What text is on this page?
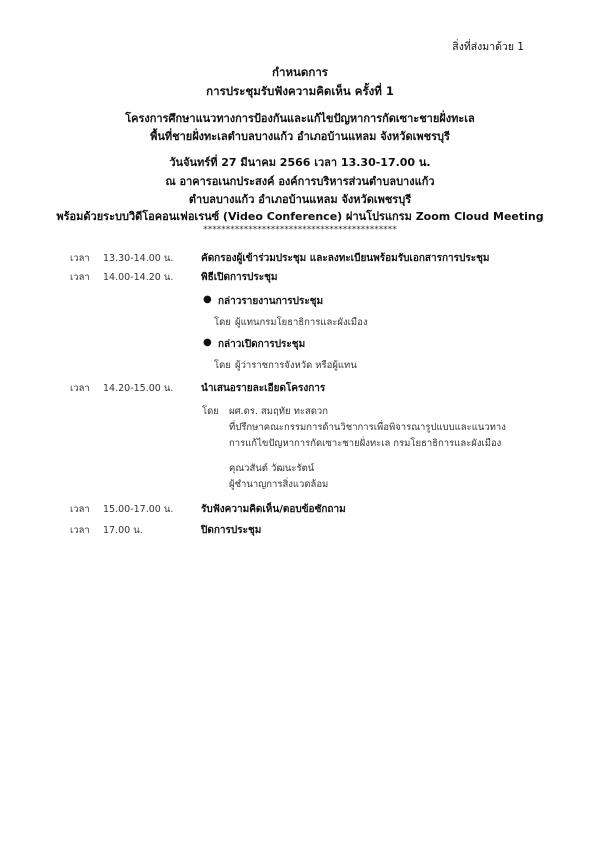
สิ่งที่ส่งมาด้วย 1
กำหนดการ
การประชุมรับฟังความคิดเห็น ครั้งที่ 1
โครงการศึกษาแนวทางการป้องกันและแก้ไขปัญหาการกัดเซาะชายฝั่งทะเล
พื้นที่ชายฝั่งทะเลตำบลบางแก้ว อำเภอบ้านแหลม จังหวัดเพชรบุรี
วันจันทร์ที่ 27 มีนาคม 2566 เวลา 13.30-17.00 น.
ณ อาคารอเนกประสงค์ องค์การบริหารส่วนตำบลบางแก้ว
ตำบลบางแก้ว อำเภอบ้านแหลม จังหวัดเพชรบุรี
พร้อมด้วยระบบวิดีโอคอนเฟอเรนซ์ (Video Conference) ผ่านโปรแกรม Zoom Cloud Meeting
*******************************************
เวลา 13.30-14.00 น.	คัดกรองผู้เข้าร่วมประชุม และลงทะเบียนพร้อมรับเอกสารการประชุม
เวลา 14.00-14.20 น.	พิธีเปิดการประชุม
● กล่าวรายงานการประชุม
โดย ผู้แทนกรมโยธาธิการและผังเมือง
● กล่าวเปิดการประชุม
โดย ผู้ว่าราชการจังหวัด หรือผู้แทน
เวลา 14.20-15.00 น.	นำเสนอรายละเอียดโครงการ
โดย ผศ.ดร. สมฤทัย ทะสดวก
ที่ปรึกษาคณะกรรมการด้านวิชาการเพื่อพิจารณารูปแบบและแนวทาง
การแก้ไขปัญหาการกัดเซาะชายฝั่งทะเล กรมโยธาธิการและผังเมือง
คุณวสันต์ วัฒนะรัตน์
ผู้ชำนาญการสิ่งแวดล้อม
เวลา 15.00-17.00 น.	รับฟังความคิดเห็น/ตอบข้อซักถาม
เวลา 17.00 น.	ปิดการประชุม
